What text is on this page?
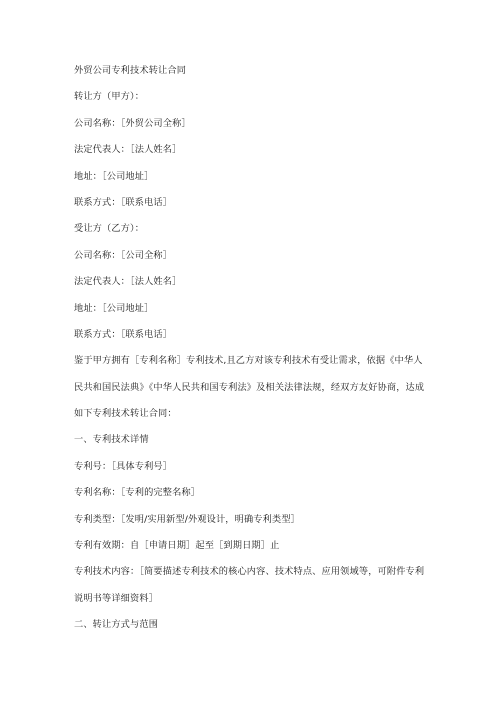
外贸公司专利技术转让合同
转让方（甲方）：
公司名称：［外贸公司全称］
法定代表人：［法人姓名］
地址：［公司地址］
联系方式：［联系电话］
受让方（乙方）：
公司名称：［公司全称］
法定代表人：［法人姓名］
地址：［公司地址］
联系方式：［联系电话］
鉴于甲方拥有［专利名称］专利技术,且乙方对该专利技术有受让需求，依据《中华人
民共和国民法典》《中华人民共和国专利法》及相关法律法规，经双方友好协商，达成
如下专利技术转让合同：
一、专利技术详情
专利号：［具体专利号］
专利名称：［专利的完整名称］
专利类型：［发明/实用新型/外观设计，明确专利类型］
专利有效期：自［申请日期］起至［到期日期］止
专利技术内容：［简要描述专利技术的核心内容、技术特点、应用领域等，可附件专利
说明书等详细资料］
二、转让方式与范围
